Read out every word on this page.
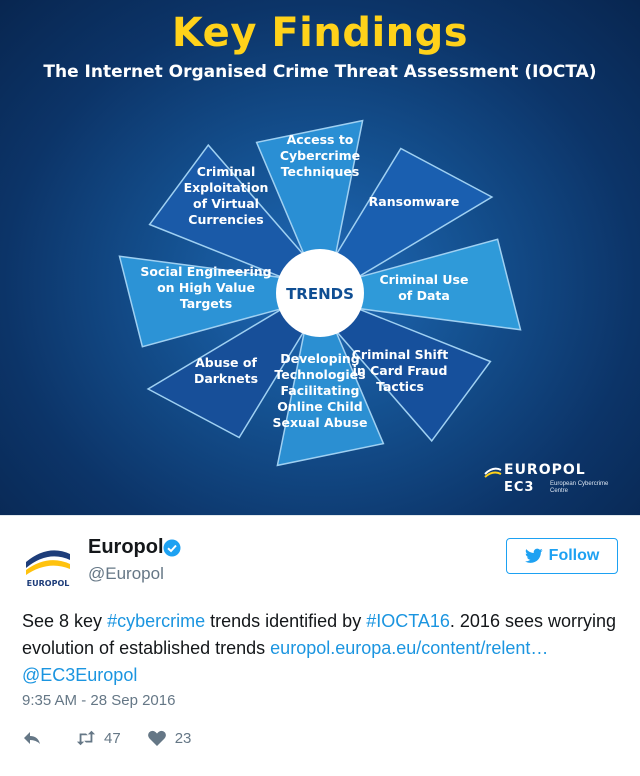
Access to
Cybercrime
Techniques
Ransomware
Criminal Use
of Data
Criminal Shift
in Card Fraud
Tactics
Developing
Technologies
Facilitating
Online Child
Sexual Abuse
Abuse of
Darknets
Social Engineering
on High Value
Targets
Criminal
Exploitation
of Virtual
Currencies
TRENDS
Key Findings
The Internet Organised Crime Threat Assessment (IOCTA)
EUROPOL
EC3	European Cybercrime Centre
EUROPOL
Europol
@Europol
Follow
See 8 key #cybercrime trends identified by #IOCTA16. 2016 sees worrying evolution of established trends europol.europa.eu/content/relent… @EC3Europol
9:35 AM - 28 Sep 2016
47	23
